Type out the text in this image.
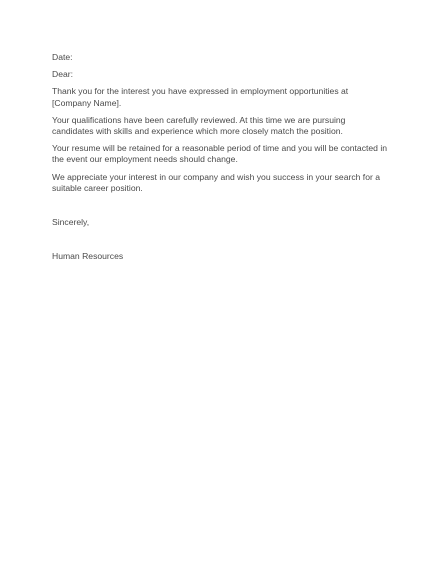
Date:

Dear:

Thank you for the interest you have expressed in employment opportunities at
[Company Name].
Your qualifications have been carefully reviewed. At this time we are pursuing
candidates with skills and experience which more closely match the position.
Your resume will be retained for a reasonable period of time and you will be contacted in
the event our employment needs should change.
We appreciate your interest in our company and wish you success in your search for a
suitable career position.

Sincerely,

Human Resources
